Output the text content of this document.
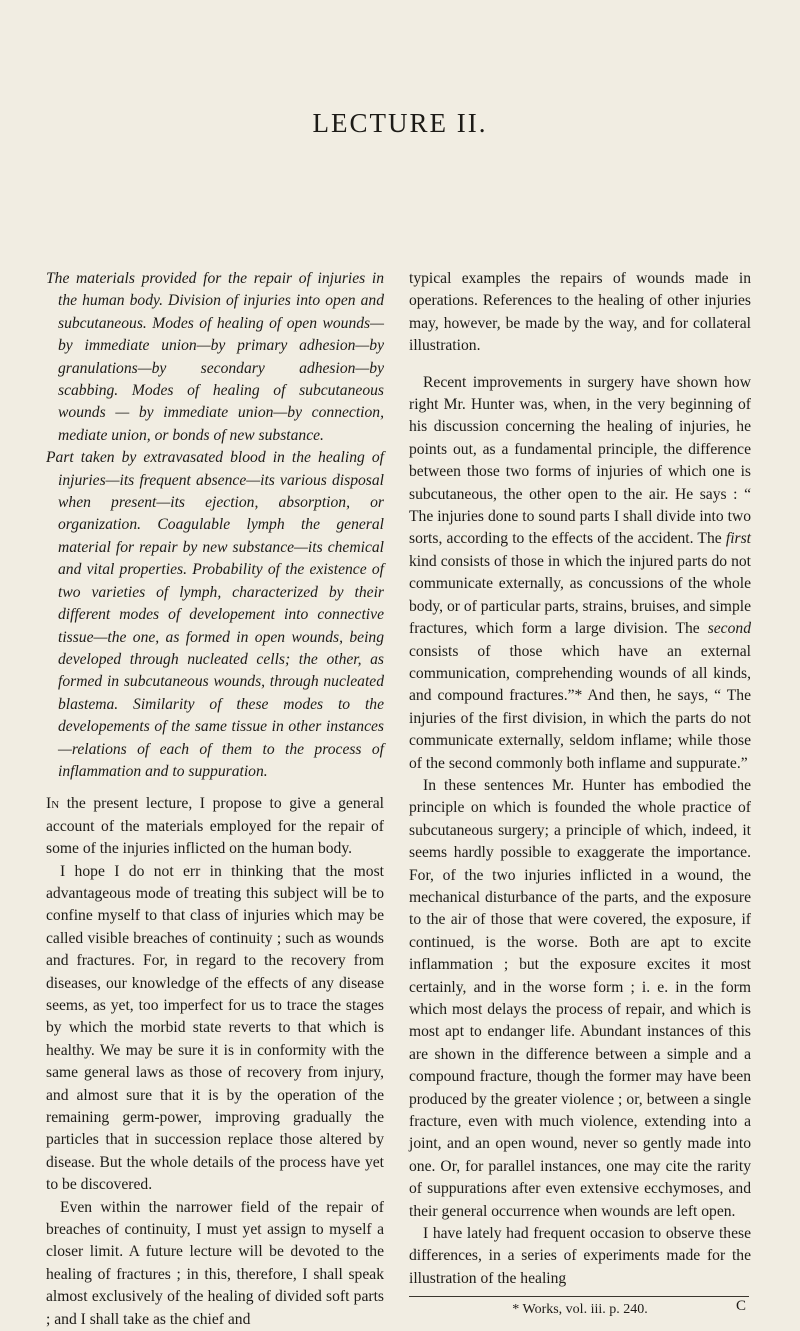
LECTURE II.

The materials provided for the repair of injuries in the human body. Division of injuries into open and subcutaneous. Modes of healing of open wounds—by immediate union—by primary adhesion—by granulations—by secondary adhesion—by scabbing. Modes of healing of subcutaneous wounds — by immediate union—by connection, mediate union, or bonds of new substance.

Part taken by extravasated blood in the healing of injuries—its frequent absence—its various disposal when present—its ejection, absorption, or organization. Coagulable lymph the general material for repair by new substance—its chemical and vital properties. Probability of the existence of two varieties of lymph, characterized by their different modes of developement into connective tissue—the one, as formed in open wounds, being developed through nucleated cells; the other, as formed in subcutaneous wounds, through nucleated blastema. Similarity of these modes to the developements of the same tissue in other instances—relations of each of them to the process of inflammation and to suppuration.

In the present lecture, I propose to give a general account of the materials employed for the repair of some of the injuries inflicted on the human body.

I hope I do not err in thinking that the most advantageous mode of treating this subject will be to confine myself to that class of injuries which may be called visible breaches of continuity ; such as wounds and fractures. For, in regard to the recovery from diseases, our knowledge of the effects of any disease seems, as yet, too imperfect for us to trace the stages by which the morbid state reverts to that which is healthy. We may be sure it is in conformity with the same general laws as those of recovery from injury, and almost sure that it is by the operation of the remaining germ-power, improving gradually the particles that in succession replace those altered by disease. But the whole details of the process have yet to be discovered.

Even within the narrower field of the repair of breaches of continuity, I must yet assign to myself a closer limit. A future lecture will be devoted to the healing of fractures ; in this, therefore, I shall speak almost exclusively of the healing of divided soft parts ; and I shall take as the chief and

typical examples the repairs of wounds made in operations. References to the healing of other injuries may, however, be made by the way, and for collateral illustration.

Recent improvements in surgery have shown how right Mr. Hunter was, when, in the very beginning of his discussion concerning the healing of injuries, he points out, as a fundamental principle, the difference between those two forms of injuries of which one is subcutaneous, the other open to the air. He says : “ The injuries done to sound parts I shall divide into two sorts, according to the effects of the accident. The first kind consists of those in which the injured parts do not communicate externally, as concussions of the whole body, or of particular parts, strains, bruises, and simple fractures, which form a large division. The second consists of those which have an external communication, comprehending wounds of all kinds, and compound fractures.”* And then, he says, “ The injuries of the first division, in which the parts do not communicate externally, seldom inflame; while those of the second commonly both inflame and suppurate.”

In these sentences Mr. Hunter has embodied the principle on which is founded the whole practice of subcutaneous surgery; a principle of which, indeed, it seems hardly possible to exaggerate the importance. For, of the two injuries inflicted in a wound, the mechanical disturbance of the parts, and the exposure to the air of those that were covered, the exposure, if continued, is the worse. Both are apt to excite inflammation ; but the exposure excites it most certainly, and in the worse form ; i. e. in the form which most delays the process of repair, and which is most apt to endanger life. Abundant instances of this are shown in the difference between a simple and a compound fracture, though the former may have been produced by the greater violence ; or, between a single fracture, even with much violence, extending into a joint, and an open wound, never so gently made into one. Or, for parallel instances, one may cite the rarity of suppurations after even extensive ecchymoses, and their general occurrence when wounds are left open.

I have lately had frequent occasion to observe these differences, in a series of experiments made for the illustration of the healing

* Works, vol. iii. p. 240.	C
